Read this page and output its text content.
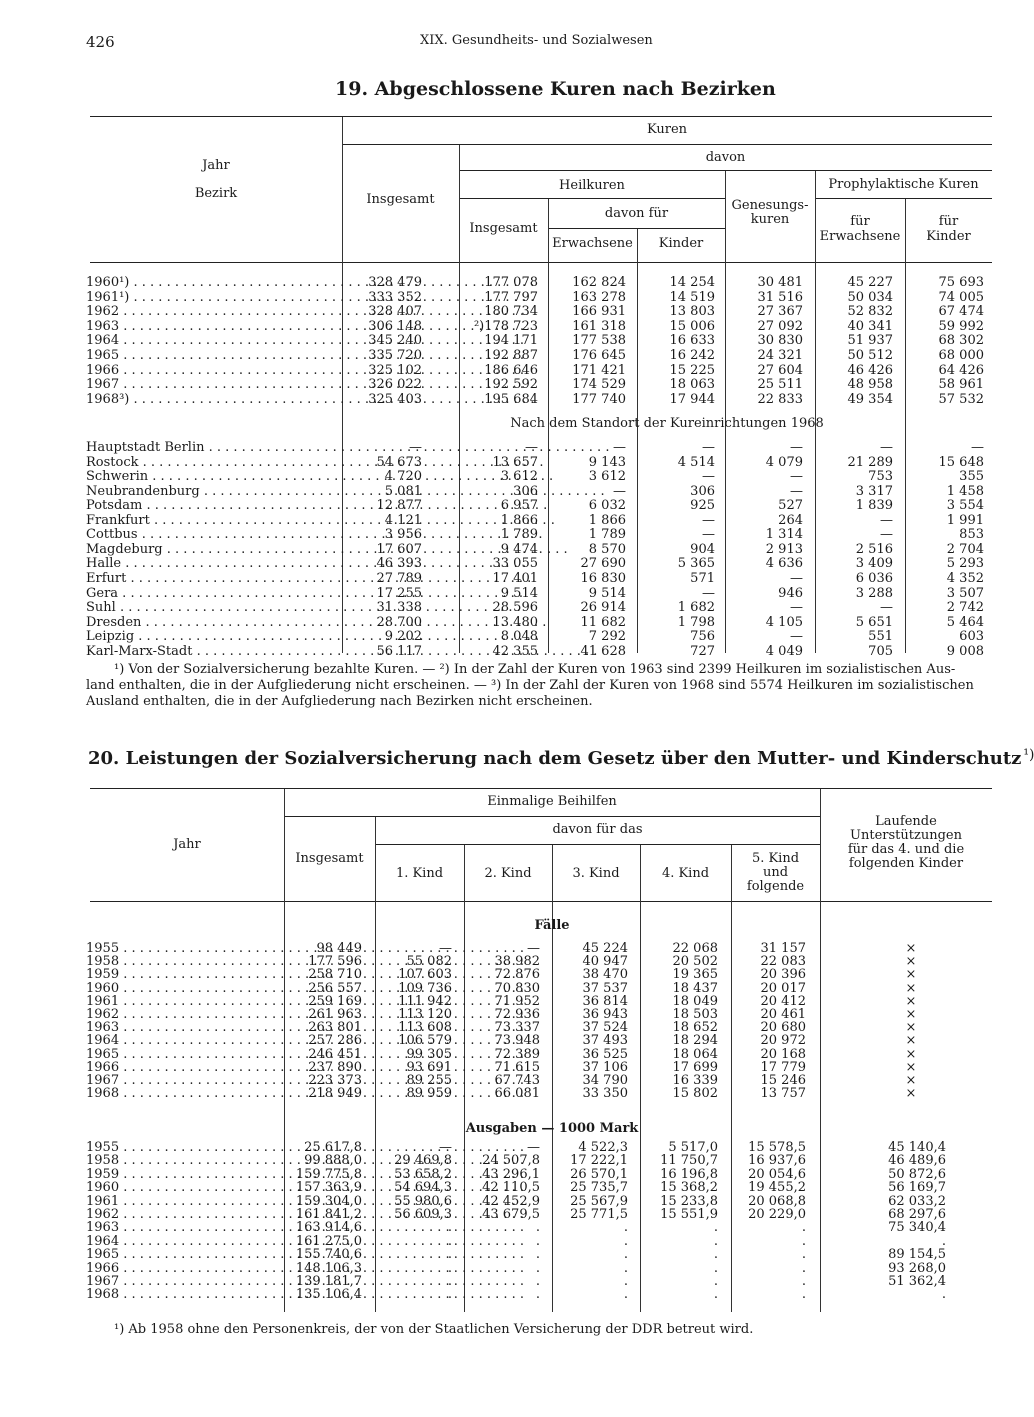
426	XIX. Gesundheits- und Sozialwesen
19. Abgeschlossene Kuren nach Bezirken
Jahr
Bezirk
Kuren
Insgesamt
davon
Heilkuren
Insgesamt
davon für
Erwachsene	Kinder
Genesungs-
kuren
Prophylaktische Kuren
für
Erwachsene
für
Kinder
1960¹) . . .	328 479	177 078	162 824	14 254	30 481	45 227	75 693
1961¹) . . .	333 352	177 797	163 278	14 519	31 516	50 034	74 005
1962 . . .	328 407	180 734	166 931	13 803	27 367	52 832	67 474
1963 . . .	306 148	²)178 723	161 318	15 006	27 092	40 341	59 992
1964 . . .	345 240	194 171	177 538	16 633	30 830	51 937	68 302
1965 . . .	335 720	192 887	176 645	16 242	24 321	50 512	68 000
1966 . . .	325 102	186 646	171 421	15 225	27 604	46 426	64 426
1967 . . .	326 022	192 592	174 529	18 063	25 511	48 958	58 961
1968³) . . .	325 403	195 684	177 740	17 944	22 833	49 354	57 532
Nach dem Standort der Kureinrichtungen 1968
Hauptstadt Berlin . . .	—	—	—	—	—	—	—
Rostock . . .	54 673	13 657	9 143	4 514	4 079	21 289	15 648
Schwerin . . .	4 720	3 612	3 612	—	—	753	355
Neubrandenburg . . .	5 081	306	—	306	—	3 317	1 458
Potsdam . . .	12 877	6 957	6 032	925	527	1 839	3 554
Frankfurt . . .	4 121	1 866	1 866	—	264	—	1 991
Cottbus . . .	3 956	1 789	1 789	—	1 314	—	853
Magdeburg . . .	17 607	9 474	8 570	904	2 913	2 516	2 704
Halle . . .	46 393	33 055	27 690	5 365	4 636	3 409	5 293
Erfurt . . .	27 789	17 401	16 830	571	—	6 036	4 352
Gera . . .	17 255	9 514	9 514	—	946	3 288	3 507
Suhl . . .	31 338	28 596	26 914	1 682	—	—	2 742
Dresden . . .	28 700	13 480	11 682	1 798	4 105	5 651	5 464
Leipzig . . .	9 202	8 048	7 292	756	—	551	603
Karl-Marx-Stadt . . .	56 117	42 355	41 628	727	4 049	705	9 008
¹) Von der Sozialversicherung bezahlte Kuren. — ²) In der Zahl der Kuren von 1963 sind 2399 Heilkuren im sozialistischen Aus-
land enthalten, die in der Aufgliederung nicht erscheinen. — ³) In der Zahl der Kuren von 1968 sind 5574 Heilkuren im sozialistischen
Ausland enthalten, die in der Aufgliederung nach Bezirken nicht erscheinen.
20. Leistungen der Sozialversicherung nach dem Gesetz über den Mutter- und Kinderschutz $^{^1)}$
Jahr
Einmalige Beihilfen
Insgesamt
davon für das
1. Kind	2. Kind	3. Kind	4. Kind
5. Kind
und
folgende
Laufende
Unterstützungen
für das 4. und die
folgenden Kinder
Fälle
1955 . . .	98 449	—	—	45 224	22 068	31 157	×
1958 . . .	177 596	55 082	38 982	40 947	20 502	22 083	×
1959 . . .	258 710	107 603	72 876	38 470	19 365	20 396	×
1960 . . .	256 557	109 736	70 830	37 537	18 437	20 017	×
1961 . . .	259 169	111 942	71 952	36 814	18 049	20 412	×
1962 . . .	261 963	113 120	72 936	36 943	18 503	20 461	×
1963 . . .	263 801	113 608	73 337	37 524	18 652	20 680	×
1964 . . .	257 286	106 579	73 948	37 493	18 294	20 972	×
1965 . . .	246 451	99 305	72 389	36 525	18 064	20 168	×
1966 . . .	237 890	93 691	71 615	37 106	17 699	17 779	×
1967 . . .	223 373	89 255	67 743	34 790	16 339	15 246	×
1968 . . .	218 949	89 959	66 081	33 350	15 802	13 757	×
Ausgaben — 1000 Mark
1955 . . .	25 617,8	—	—	4 522,3	5 517,0	15 578,5	45 140,4
1958 . . .	99 888,0	29 469,8	24 507,8	17 222,1	11 750,7	16 937,6	46 489,6
1959 . . .	159 775,8	53 658,2	43 296,1	26 570,1	16 196,8	20 054,6	50 872,6
1960 . . .	157 363,9	54 694,3	42 110,5	25 735,7	15 368,2	19 455,2	56 169,7
1961 . . .	159 304,0	55 980,6	42 452,9	25 567,9	15 233,8	20 068,8	62 033,2
1962 . . .	161 841,2	56 609,3	43 679,5	25 771,5	15 551,9	20 229,0	68 297,6
1963 . . .	163 914,6	.	.	.	.	.	75 340,4
1964 . . .	161 275,0	.	.	.	.	.	.
1965 . . .	155 740,6	.	.	.	.	.	89 154,5
1966 . . .	148 106,3	.	.	.	.	.	93 268,0
1967 . . .	139 181,7	.	.	.	.	.	51 362,4
1968 . . .	135 106,4	.	.	.	.	.	.
¹) Ab 1958 ohne den Personenkreis, der von der Staatlichen Versicherung der DDR betreut wird.
